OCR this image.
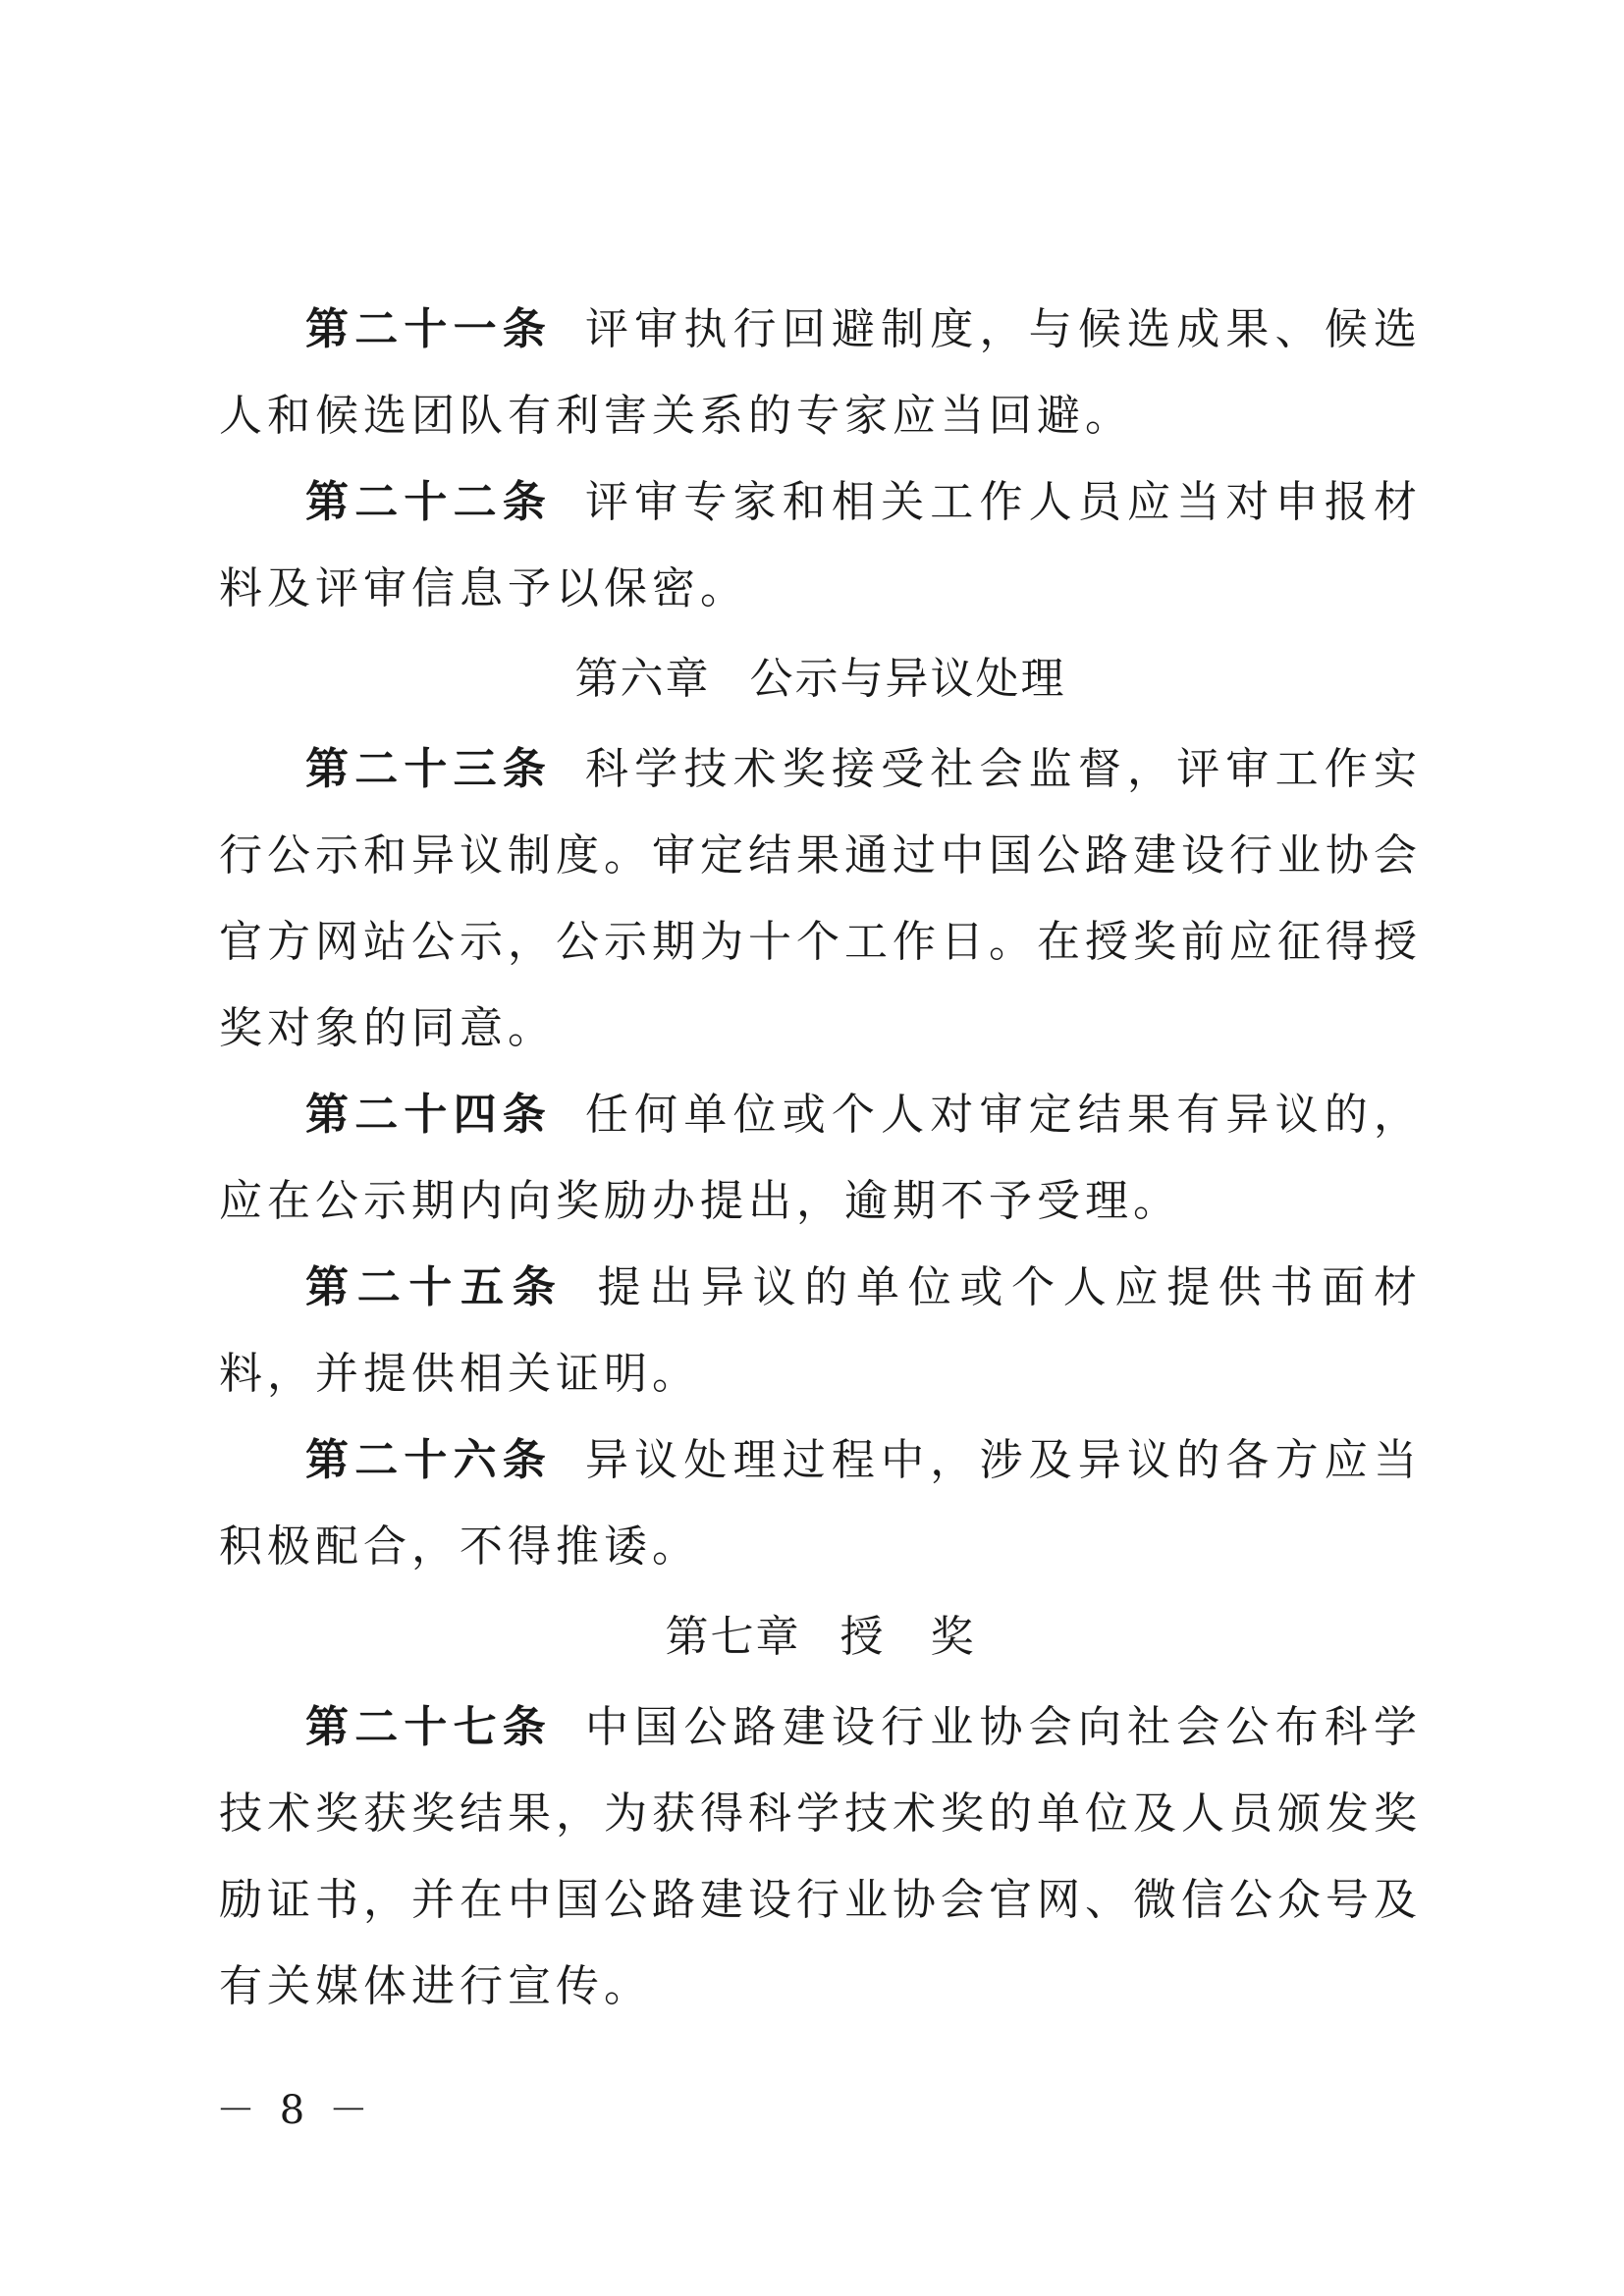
第二十一条 评审执行回避制度，与候选成果、候选人和候选团队有利害关系的专家应当回避。

第二十二条 评审专家和相关工作人员应当对申报材料及评审信息予以保密。

第六章 公示与异议处理

第二十三条 科学技术奖接受社会监督，评审工作实行公示和异议制度。审定结果通过中国公路建设行业协会官方网站公示，公示期为十个工作日。在授奖前应征得授奖对象的同意。

第二十四条 任何单位或个人对审定结果有异议的，应在公示期内向奖励办提出，逾期不予受理。

第二十五条 提出异议的单位或个人应提供书面材料，并提供相关证明。

第二十六条 异议处理过程中，涉及异议的各方应当积极配合，不得推诿。

第七章 授　奖

第二十七条 中国公路建设行业协会向社会公布科学技术奖获奖结果，为获得科学技术奖的单位及人员颁发奖励证书，并在中国公路建设行业协会官网、微信公众号及有关媒体进行宣传。

－ 8 －
